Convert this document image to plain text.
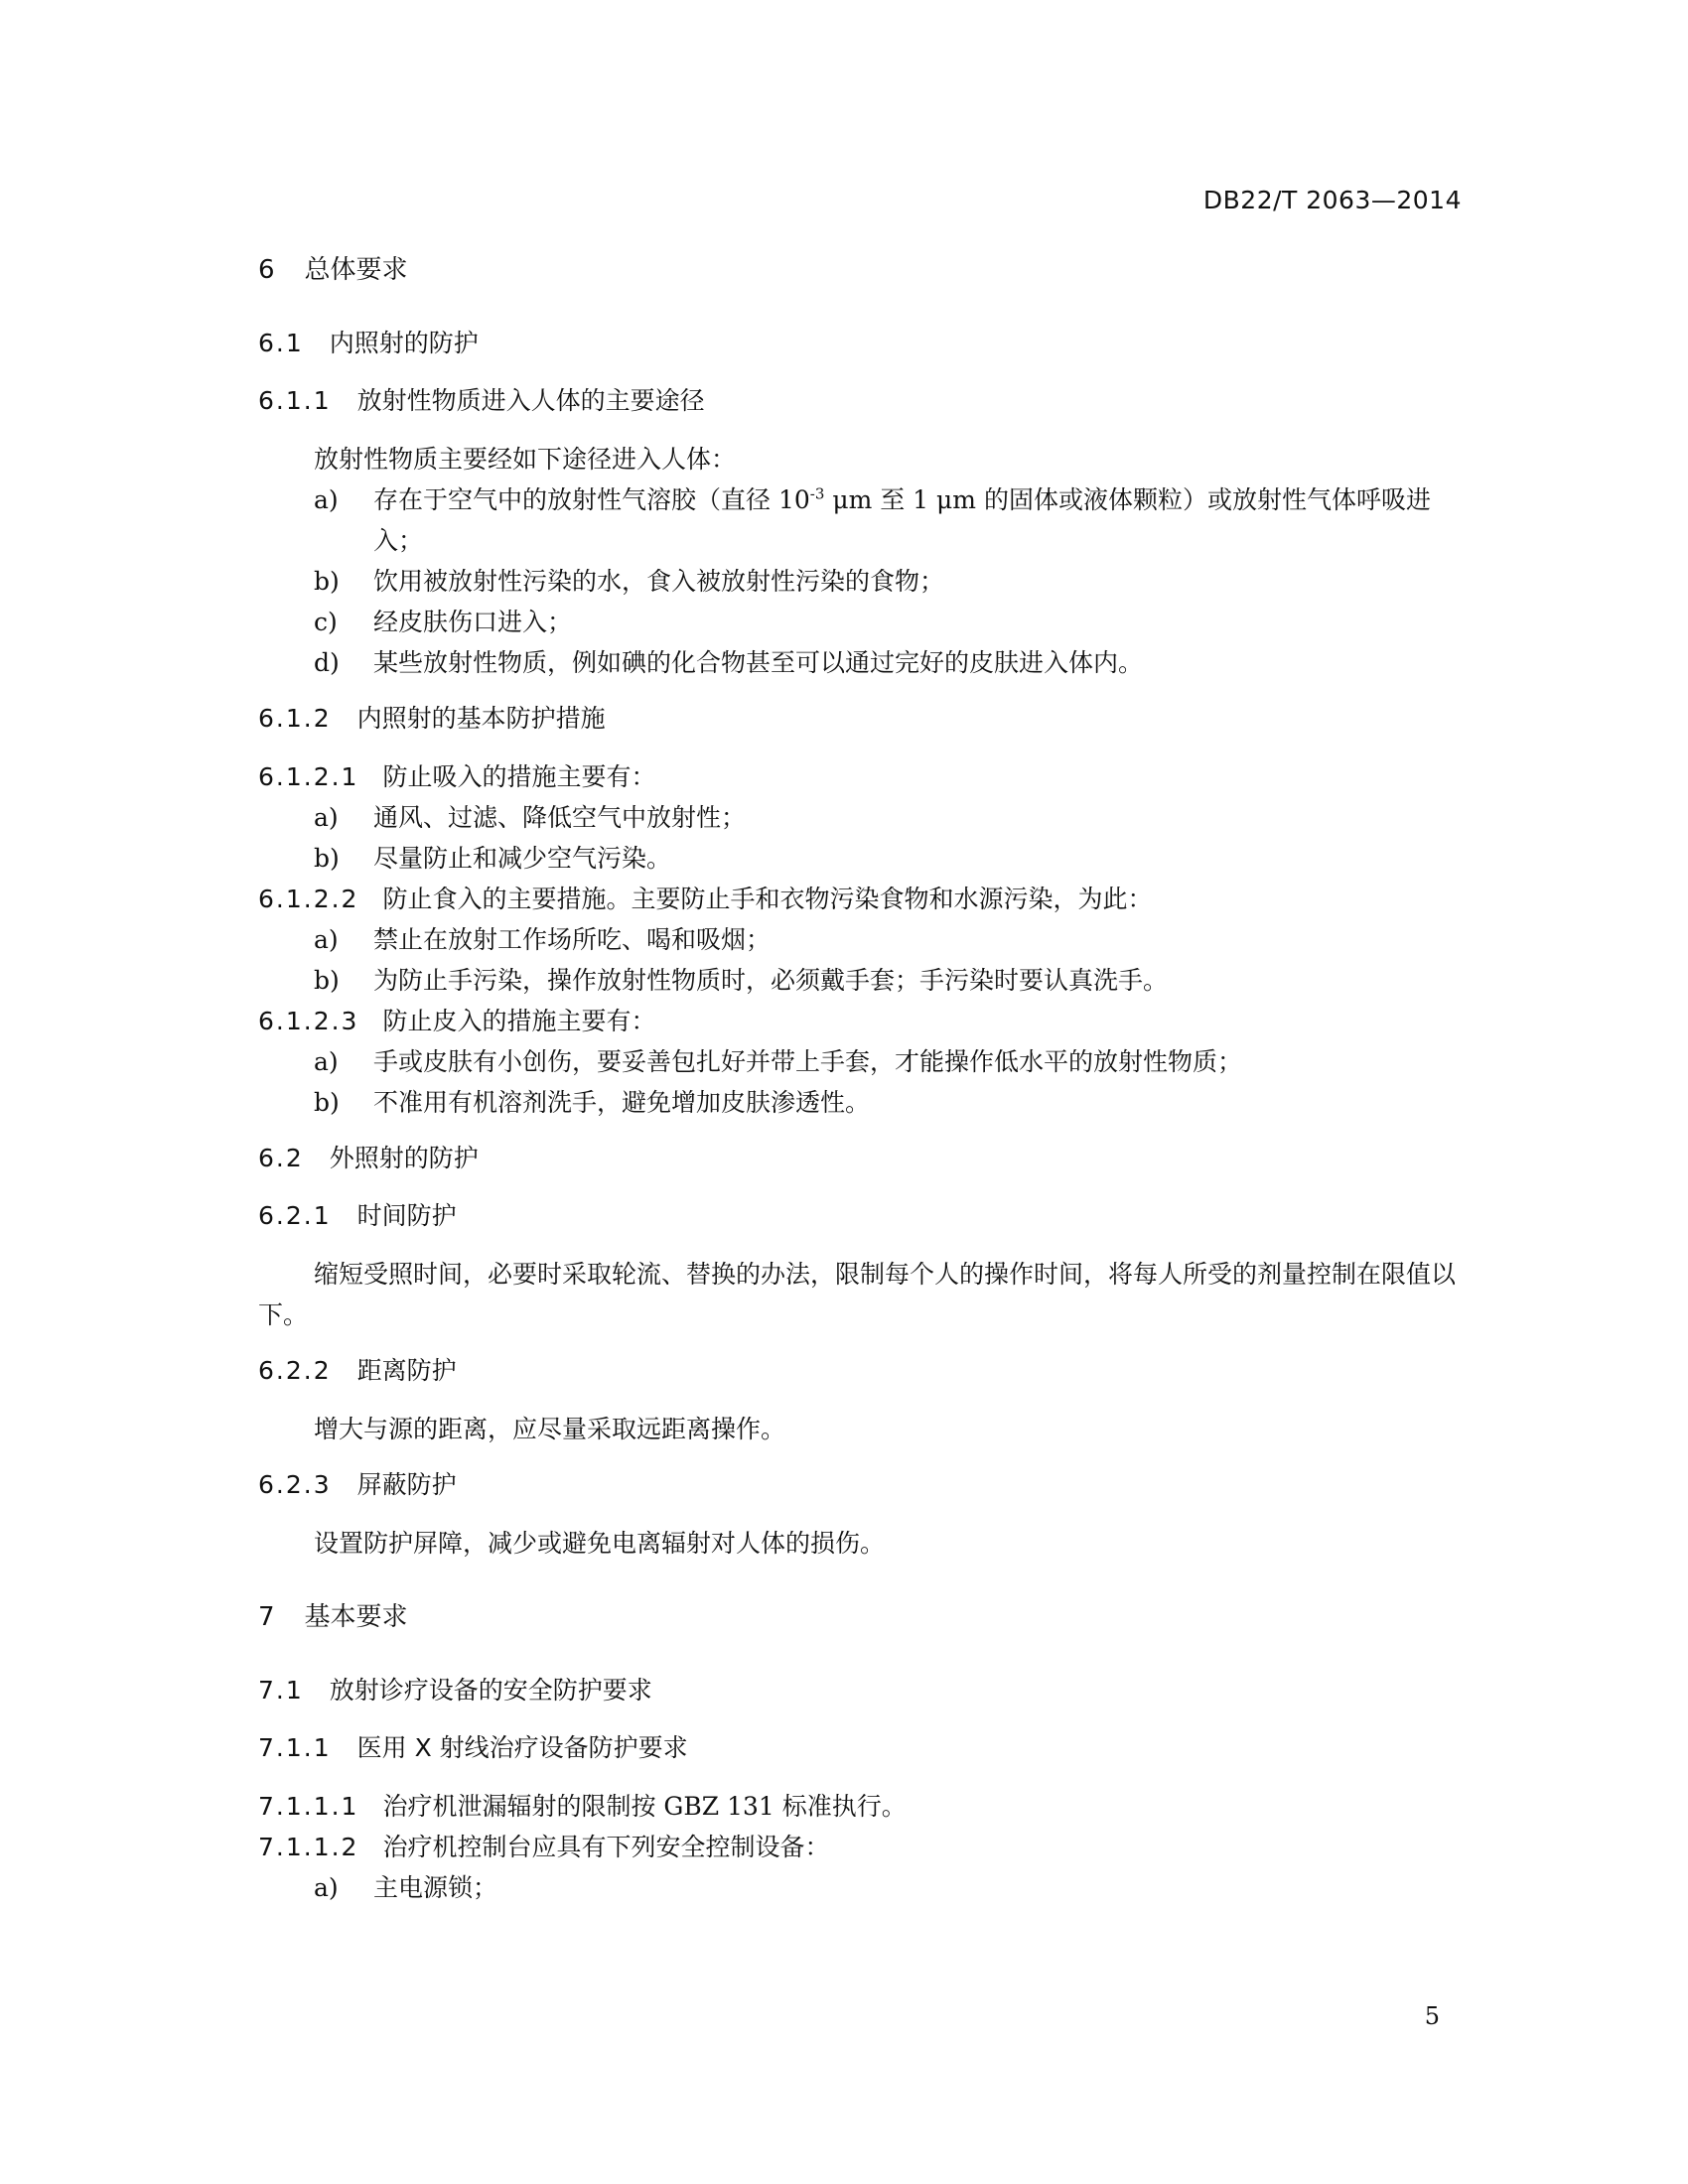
DB22/T 2063—2014
6 总体要求
6.1 内照射的防护
6.1.1 放射性物质进入人体的主要途径

放射性物质主要经如下途径进入人体：

a) 存在于空气中的放射性气溶胶（直径 $10^{-3}$ μm 至 1 μm 的固体或液体颗粒）或放射性气体呼吸进入；
b) 饮用被放射性污染的水，食入被放射性污染的食物；
c) 经皮肤伤口进入；
d) 某些放射性物质，例如碘的化合物甚至可以通过完好的皮肤进入体内。
6.1.2 内照射的基本防护措施

6.1.2.1 防止吸入的措施主要有：

a) 通风、过滤、降低空气中放射性；
b) 尽量防止和减少空气污染。

6.1.2.2 防止食入的主要措施。主要防止手和衣物污染食物和水源污染，为此：

a) 禁止在放射工作场所吃、喝和吸烟；
b) 为防止手污染，操作放射性物质时，必须戴手套；手污染时要认真洗手。

6.1.2.3 防止皮入的措施主要有：

a) 手或皮肤有小创伤，要妥善包扎好并带上手套，才能操作低水平的放射性物质；
b) 不准用有机溶剂洗手，避免增加皮肤渗透性。
6.2 外照射的防护
6.2.1 时间防护

缩短受照时间，必要时采取轮流、替换的办法，限制每个人的操作时间，将每人所受的剂量控制在限值以下。

6.2.2 距离防护

增大与源的距离，应尽量采取远距离操作。

6.2.3 屏蔽防护

设置防护屏障，减少或避免电离辐射对人体的损伤。

7 基本要求
7.1 放射诊疗设备的安全防护要求
7.1.1 医用 X 射线治疗设备防护要求

7.1.1.1 治疗机泄漏辐射的限制按 GBZ 131 标准执行。

7.1.1.2 治疗机控制台应具有下列安全控制设备：

a) 主电源锁；
5
